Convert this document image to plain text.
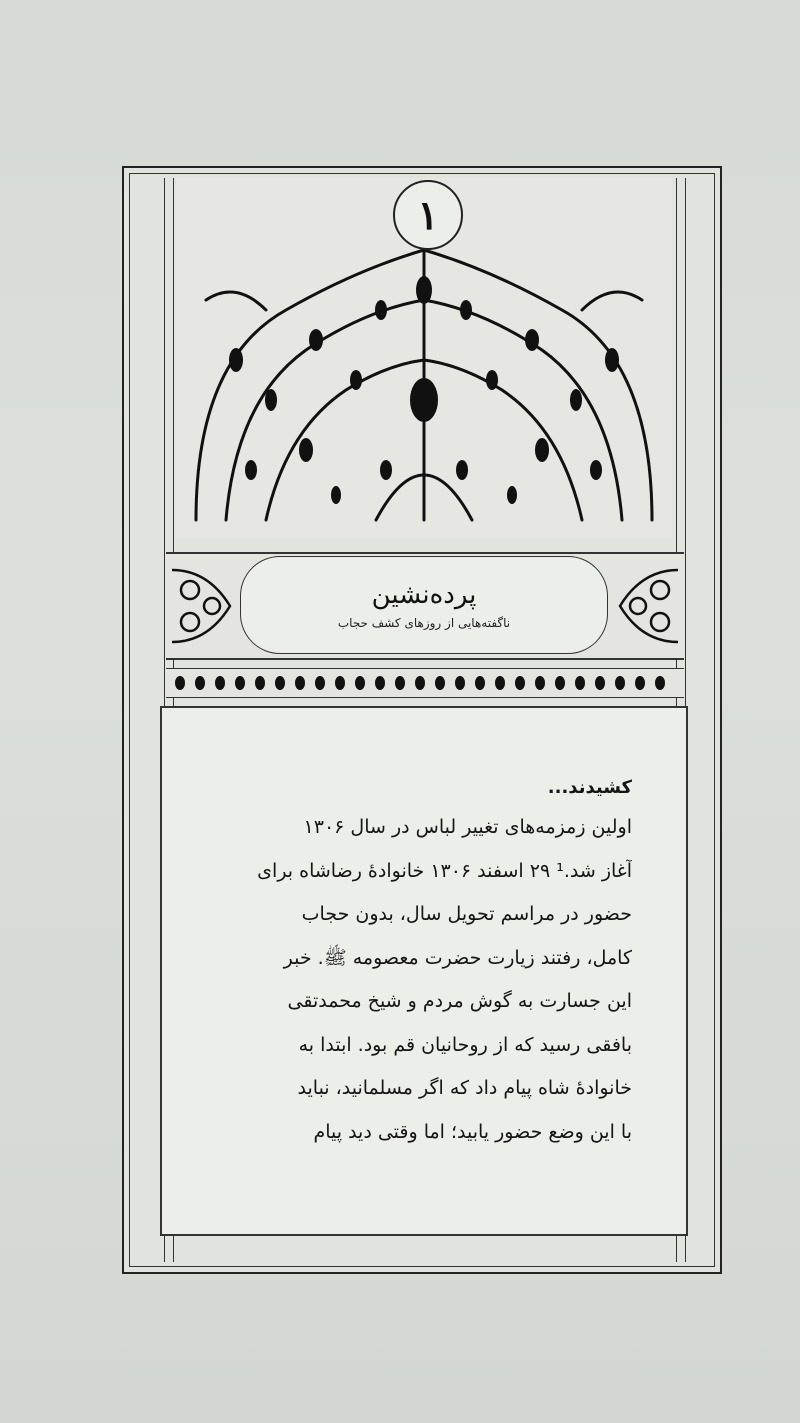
١
پرده‌نشین
ناگفته‌هایی از روزهای کشف حجاب
کشیدند...
اولین زمزمه‌های تغییر لباس در سال ۱۳۰۶
آغاز شد.¹ ۲۹ اسفند ۱۳۰۶ خانوادهٔ رضاشاه برای
حضور در مراسم تحویل سال، بدون حجاب
کامل، رفتند زیارت حضرت معصومه ﷺ. خبر
این جسارت به گوش مردم و شیخ محمدتقی
بافقی رسید که از روحانیان قم بود. ابتدا به
خانوادهٔ شاه پیام داد که اگر مسلمانید، نباید
با این وضع حضور یابید؛ اما وقتی دید پیام
